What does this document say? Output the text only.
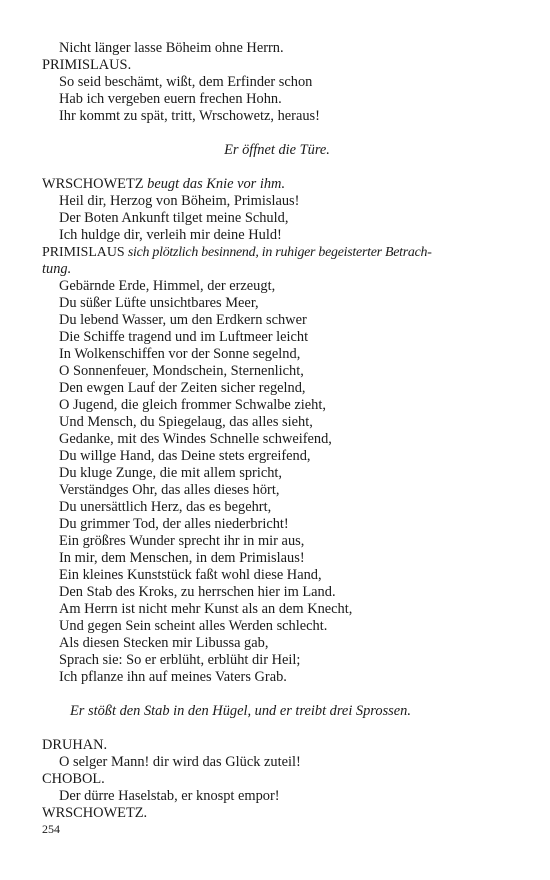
Nicht länger lasse Böheim ohne Herrn.
PRIMISLAUS.
So seid beschämt, wißt, dem Erfinder schon
Hab ich vergeben euern frechen Hohn.
Ihr kommt zu spät, tritt, Wrschowetz, heraus!
Er öffnet die Türe.
WRSCHOWETZ beugt das Knie vor ihm.
Heil dir, Herzog von Böheim, Primislaus!
Der Boten Ankunft tilget meine Schuld,
Ich huldge dir, verleih mir deine Huld!
PRIMISLAUS sich plötzlich besinnend, in ruhiger begeisterter Betrach-
tung.
Gebärnde Erde, Himmel, der erzeugt,
Du süßer Lüfte unsichtbares Meer,
Du lebend Wasser, um den Erdkern schwer
Die Schiffe tragend und im Luftmeer leicht
In Wolkenschiffen vor der Sonne segelnd,
O Sonnenfeuer, Mondschein, Sternenlicht,
Den ewgen Lauf der Zeiten sicher regelnd,
O Jugend, die gleich frommer Schwalbe zieht,
Und Mensch, du Spiegelaug, das alles sieht,
Gedanke, mit des Windes Schnelle schweifend,
Du willge Hand, das Deine stets ergreifend,
Du kluge Zunge, die mit allem spricht,
Verständges Ohr, das alles dieses hört,
Du unersättlich Herz, das es begehrt,
Du grimmer Tod, der alles niederbricht!
Ein größres Wunder sprecht ihr in mir aus,
In mir, dem Menschen, in dem Primislaus!
Ein kleines Kunststück faßt wohl diese Hand,
Den Stab des Kroks, zu herrschen hier im Land.
Am Herrn ist nicht mehr Kunst als an dem Knecht,
Und gegen Sein scheint alles Werden schlecht.
Als diesen Stecken mir Libussa gab,
Sprach sie: So er erblüht, erblüht dir Heil;
Ich pflanze ihn auf meines Vaters Grab.
Er stößt den Stab in den Hügel, und er treibt drei Sprossen.
DRUHAN.
O selger Mann! dir wird das Glück zuteil!
CHOBOL.
Der dürre Haselstab, er knospt empor!
WRSCHOWETZ.
254
